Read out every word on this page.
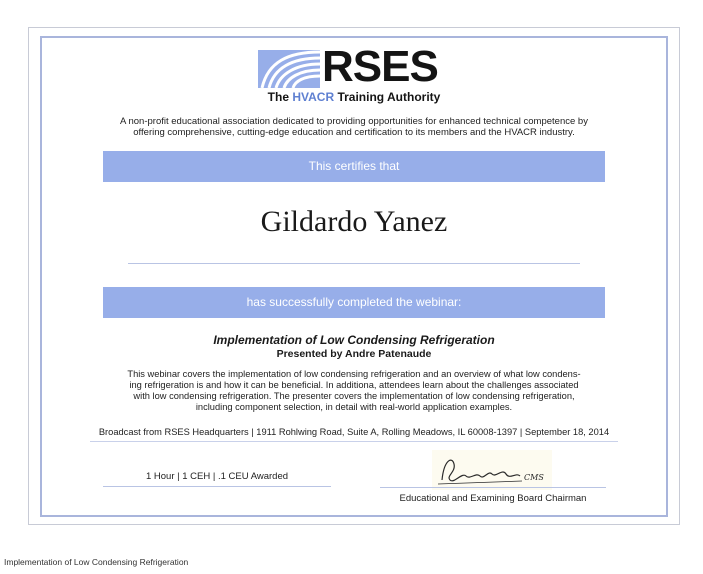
RSES
The HVACR Training Authority
A non-profit educational association dedicated to providing opportunities for enhanced technical competence by
offering comprehensive, cutting-edge education and certification to its members and the HVACR industry.
This certifies that
Gildardo Yanez
has successfully completed the webinar:
Implementation of Low Condensing Refrigeration
Presented by Andre Patenaude
This webinar covers the implementation of low condensing refrigeration and an overview of what low condens-
ing refrigeration is and how it can be beneficial. In additiona, attendees learn about the challenges associated
with low condensing refrigeration. The presenter covers the implementation of low condensing refrigeration,
including component selection, in detail with real-world application examples.
Broadcast from RSES Headquarters | 1911 Rohlwing Road, Suite A, Rolling Meadows, IL 60008-1397 | September 18, 2014
1 Hour | 1 CEH | .1 CEU Awarded	CMS
Educational and Examining Board Chairman
Implementation of Low Condensing Refrigeration
